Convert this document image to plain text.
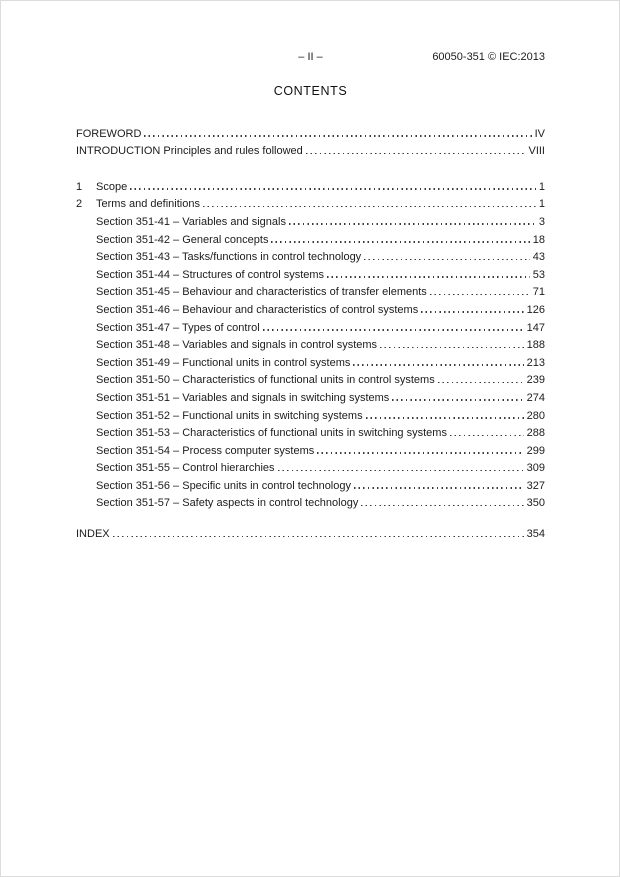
– II –	60050-351 © IEC:2013
CONTENTS
FOREWORD	IV
INTRODUCTION Principles and rules followed	VIII
1	Scope	1
2	Terms and definitions	1
Section 351-41 – Variables and signals	3
Section 351-42 – General concepts	18
Section 351-43 – Tasks/functions in control technology	43
Section 351-44 – Structures of control systems	53
Section 351-45 – Behaviour and characteristics of transfer elements	71
Section 351-46 – Behaviour and characteristics of control systems	126
Section 351-47 – Types of control	147
Section 351-48 – Variables and signals in control systems	188
Section 351-49 – Functional units in control systems	213
Section 351-50 – Characteristics of functional units in control systems	239
Section 351-51 – Variables and signals in switching systems	274
Section 351-52 – Functional units in switching systems	280
Section 351-53 – Characteristics of functional units in switching systems	288
Section 351-54 – Process computer systems	299
Section 351-55 – Control hierarchies	309
Section 351-56 – Specific units in control technology	327
Section 351-57 – Safety aspects in control technology	350
INDEX	354
